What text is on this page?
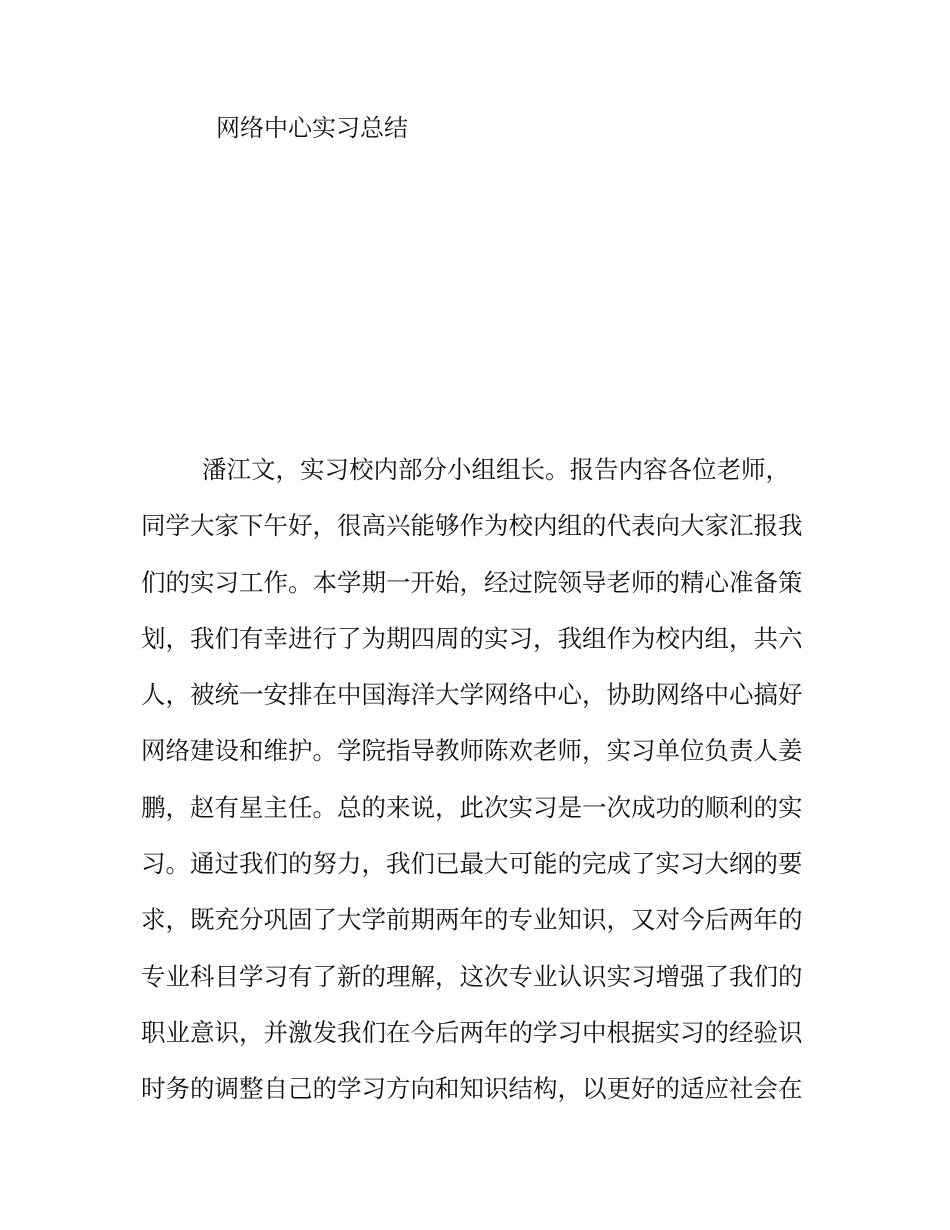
网络中心实习总结
潘江文，实习校内部分小组组长。报告内容各位老师，
同学大家下午好，很高兴能够作为校内组的代表向大家汇报我
们的实习工作。本学期一开始，经过院领导老师的精心准备策
划，我们有幸进行了为期四周的实习，我组作为校内组，共六
人，被统一安排在中国海洋大学网络中心，协助网络中心搞好
网络建设和维护。学院指导教师陈欢老师，实习单位负责人姜
鹏，赵有星主任。总的来说，此次实习是一次成功的顺利的实
习。通过我们的努力，我们已最大可能的完成了实习大纲的要
求，既充分巩固了大学前期两年的专业知识，又对今后两年的
专业科目学习有了新的理解，这次专业认识实习增强了我们的
职业意识，并激发我们在今后两年的学习中根据实习的经验识
时务的调整自己的学习方向和知识结构，以更好的适应社会在
